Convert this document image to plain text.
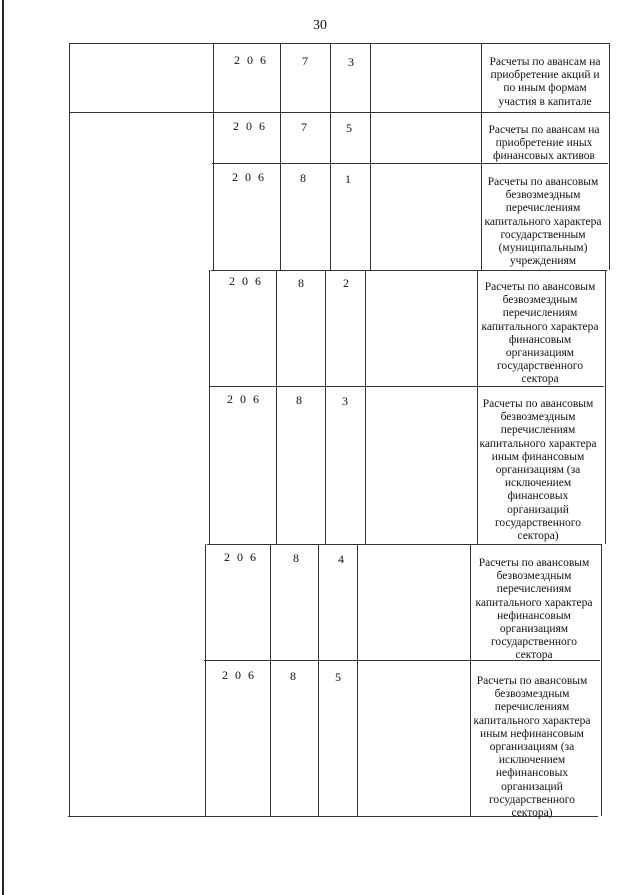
30
2 0 6	7	3	Расчеты по авансам на приобретение акций и по иным формам участия в капитале
2 0 6	7	5	Расчеты по авансам на приобретение иных финансовых активов
2 0 6	8	1	Расчеты по авансовым безвозмездным перечислениям капитального характера государственным (муниципальным) учреждениям
2 0 6	8	2	Расчеты по авансовым безвозмездным перечислениям капитального характера финансовым организациям государственного сектора
2 0 6	8	3	Расчеты по авансовым безвозмездным перечислениям капитального характера иным финансовым организациям (за исключением финансовых организаций государственного сектора)
2 0 6	8	4	Расчеты по авансовым безвозмездным перечислениям капитального характера нефинансовым организациям государственного сектора
2 0 6	8	5	Расчеты по авансовым безвозмездным перечислениям капитального характера иным нефинансовым организациям (за исключением нефинансовых организаций государственного сектора)
